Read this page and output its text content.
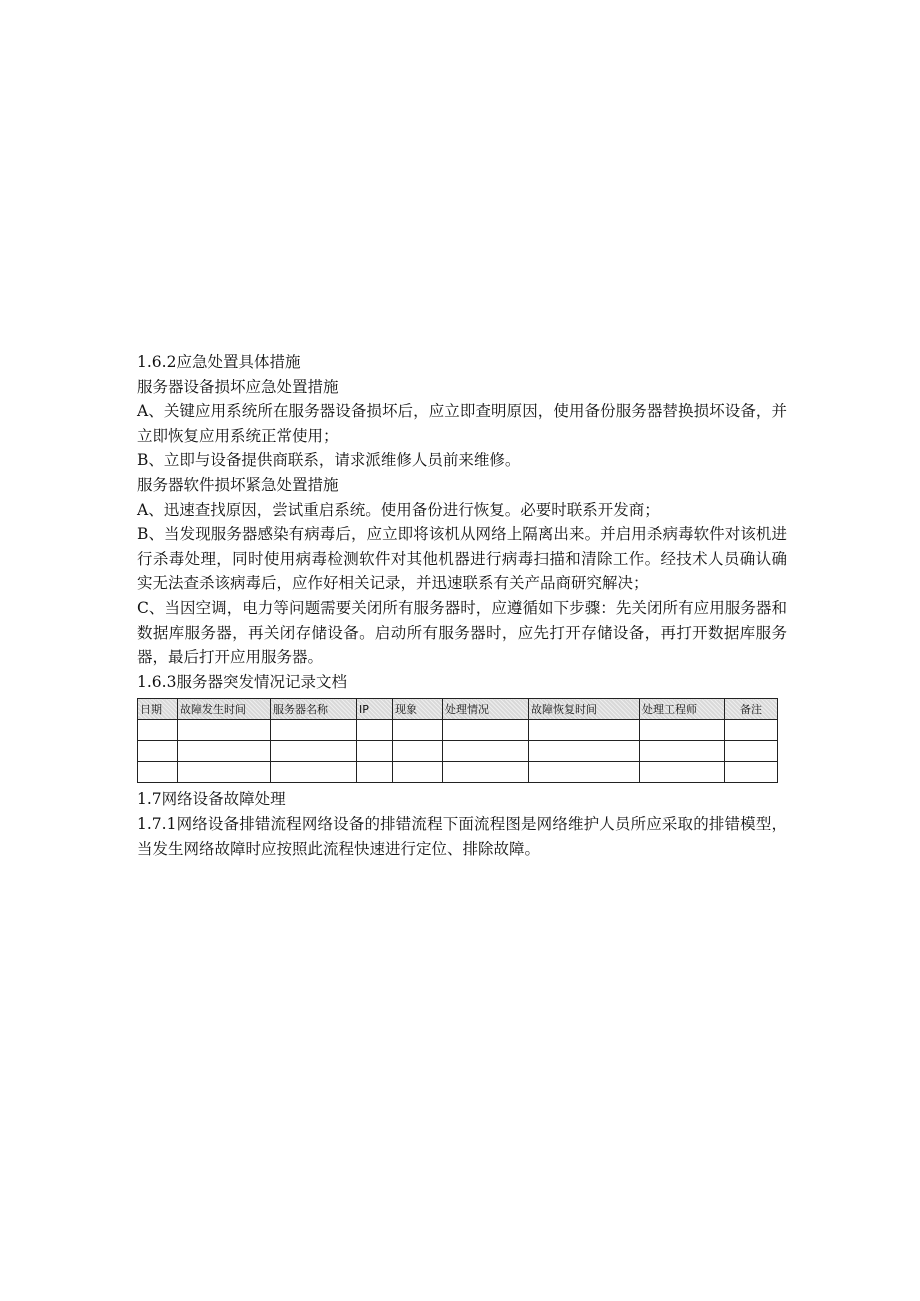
1.6.2应急处置具体措施
服务器设备损坏应急处置措施
A、关键应用系统所在服务器设备损坏后，应立即查明原因，使用备份服务器替换损坏设备，并立即恢复应用系统正常使用；
B、立即与设备提供商联系，请求派维修人员前来维修。
服务器软件损坏紧急处置措施
A、迅速查找原因，尝试重启系统。使用备份进行恢复。必要时联系开发商；
B、当发现服务器感染有病毒后，应立即将该机从网络上隔离出来。并启用杀病毒软件对该机进行杀毒处理，同时使用病毒检测软件对其他机器进行病毒扫描和清除工作。经技术人员确认确实无法查杀该病毒后，应作好相关记录，并迅速联系有关产品商研究解决；
C、当因空调，电力等问题需要关闭所有服务器时，应遵循如下步骤：先关闭所有应用服务器和数据库服务器，再关闭存储设备。启动所有服务器时，应先打开存储设备，再打开数据库服务器，最后打开应用服务器。
1.6.3服务器突发情况记录文档
日期	故障发生时间	服务器名称	IP	现象	处理情况	故障恢复时间	处理工程师	备注

1.7网络设备故障处理
1.7.1网络设备排错流程网络设备的排错流程下面流程图是网络维护人员所应采取的排错模型，当发生网络故障时应按照此流程快速进行定位、排除故障。
